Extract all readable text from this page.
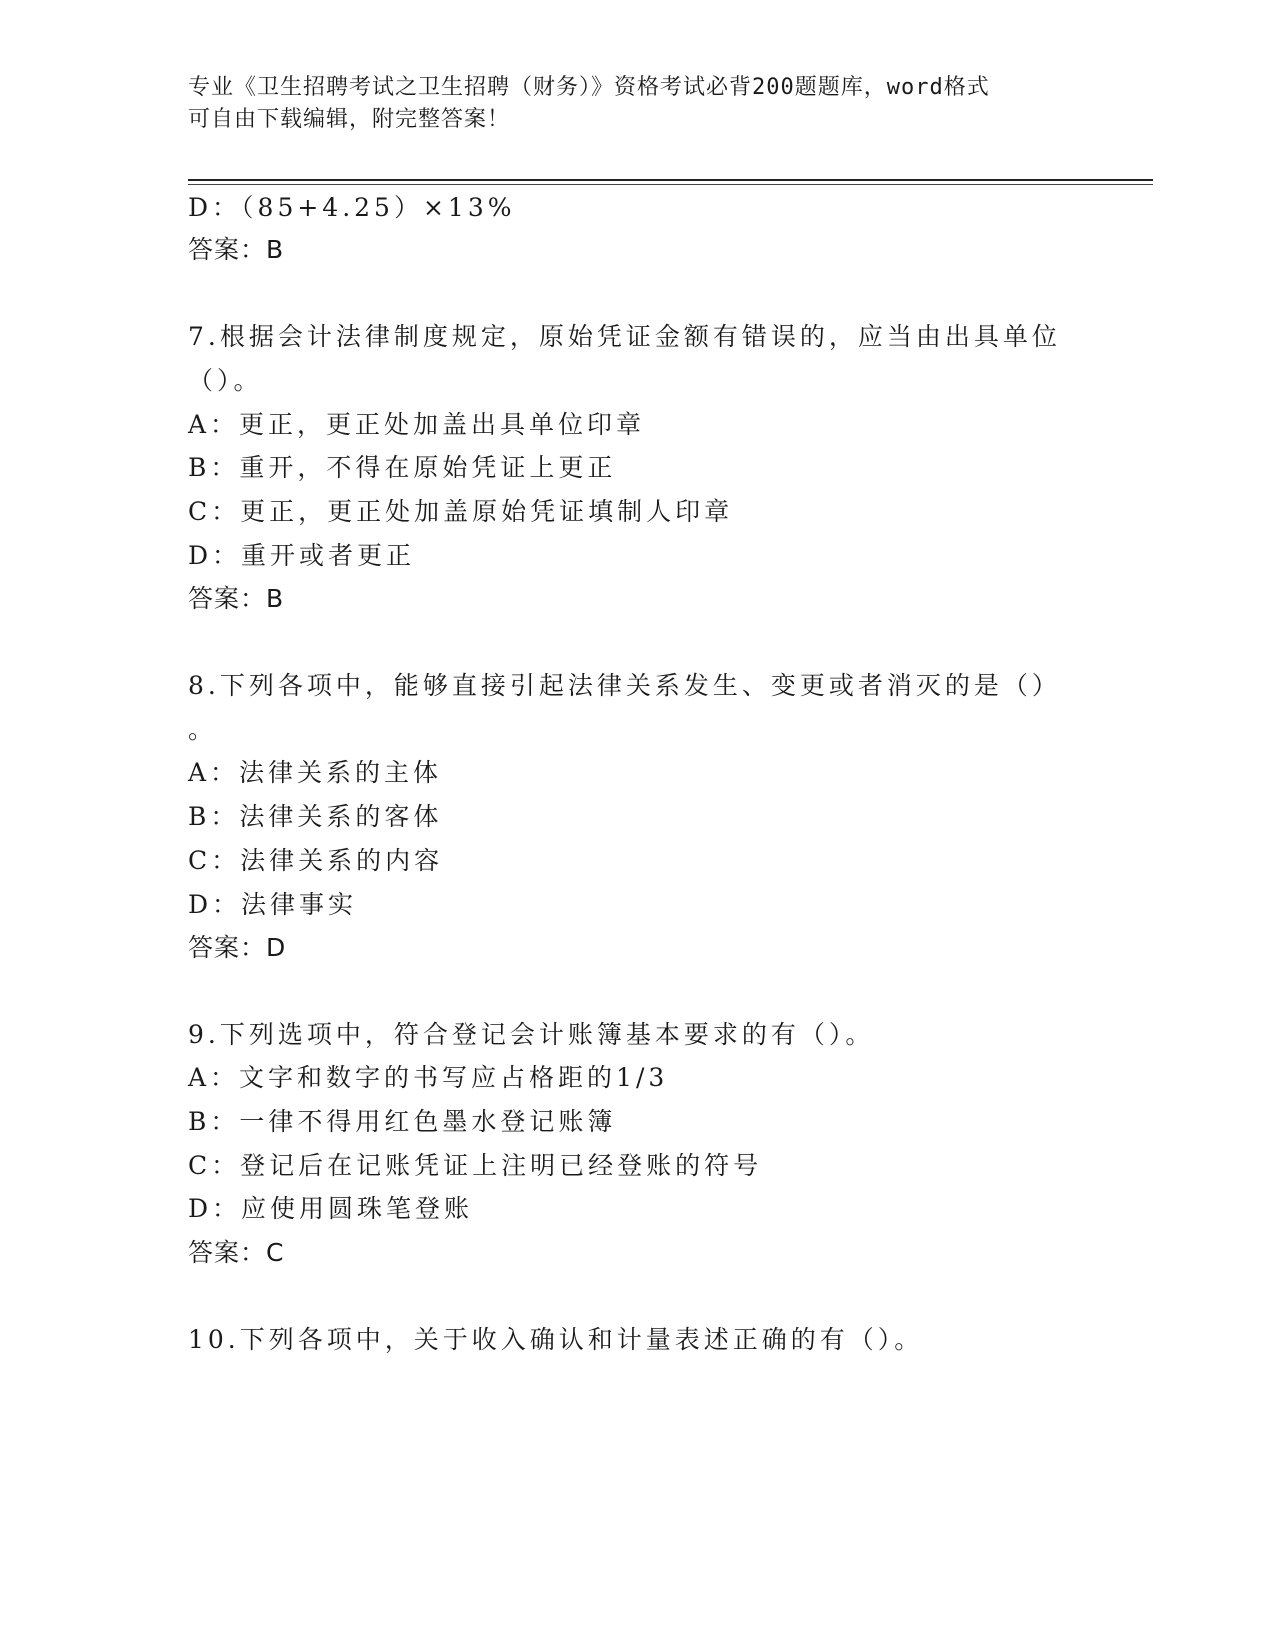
专业《卫生招聘考试之卫生招聘（财务）》资格考试必背200题题库，word格式
可自由下载编辑，附完整答案！
D：（85+4.25）×13%
答案：B
7.根据会计法律制度规定，原始凭证金额有错误的，应当由出具单位
（）。
A：更正，更正处加盖出具单位印章
B：重开，不得在原始凭证上更正
C：更正，更正处加盖原始凭证填制人印章
D：重开或者更正
答案：B
8.下列各项中，能够直接引起法律关系发生、变更或者消灭的是（）
。
A：法律关系的主体
B：法律关系的客体
C：法律关系的内容
D：法律事实
答案：D
9.下列选项中，符合登记会计账簿基本要求的有（）。
A：文字和数字的书写应占格距的1/3
B：一律不得用红色墨水登记账簿
C：登记后在记账凭证上注明已经登账的符号
D：应使用圆珠笔登账
答案：C
10.下列各项中，关于收入确认和计量表述正确的有（）。
